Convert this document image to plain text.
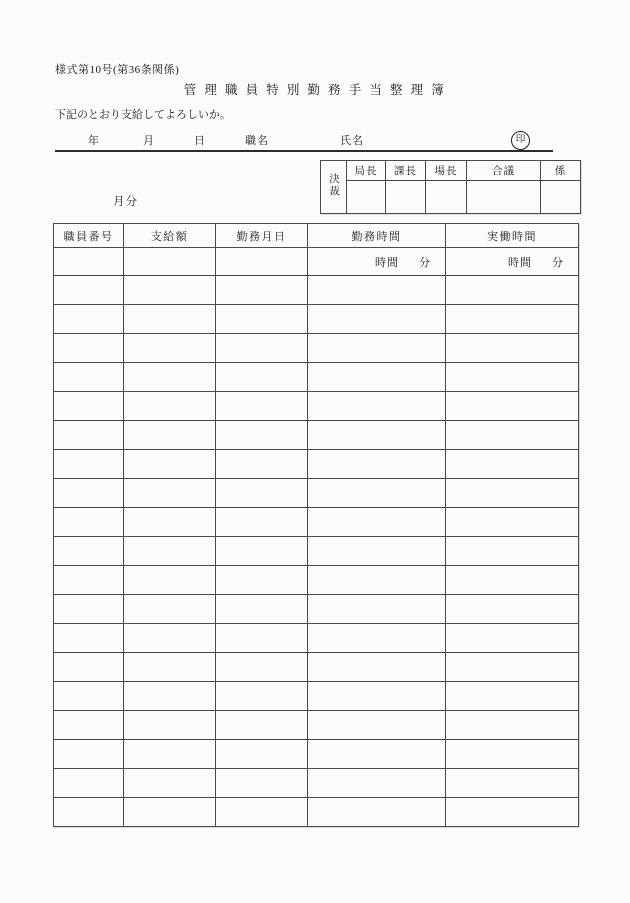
様式第10号(第36条関係)
管 理 職 員 特 別 勤 務 手 当 整 理 簿
下記のとおり支給してよろしいか。
年	月	日	職名	氏名	印
決裁	局長	課長	場長	合議	係

月分
職員番号	支給額	勤務月日	勤務時間	実働時間

			時間 分	時間 分
